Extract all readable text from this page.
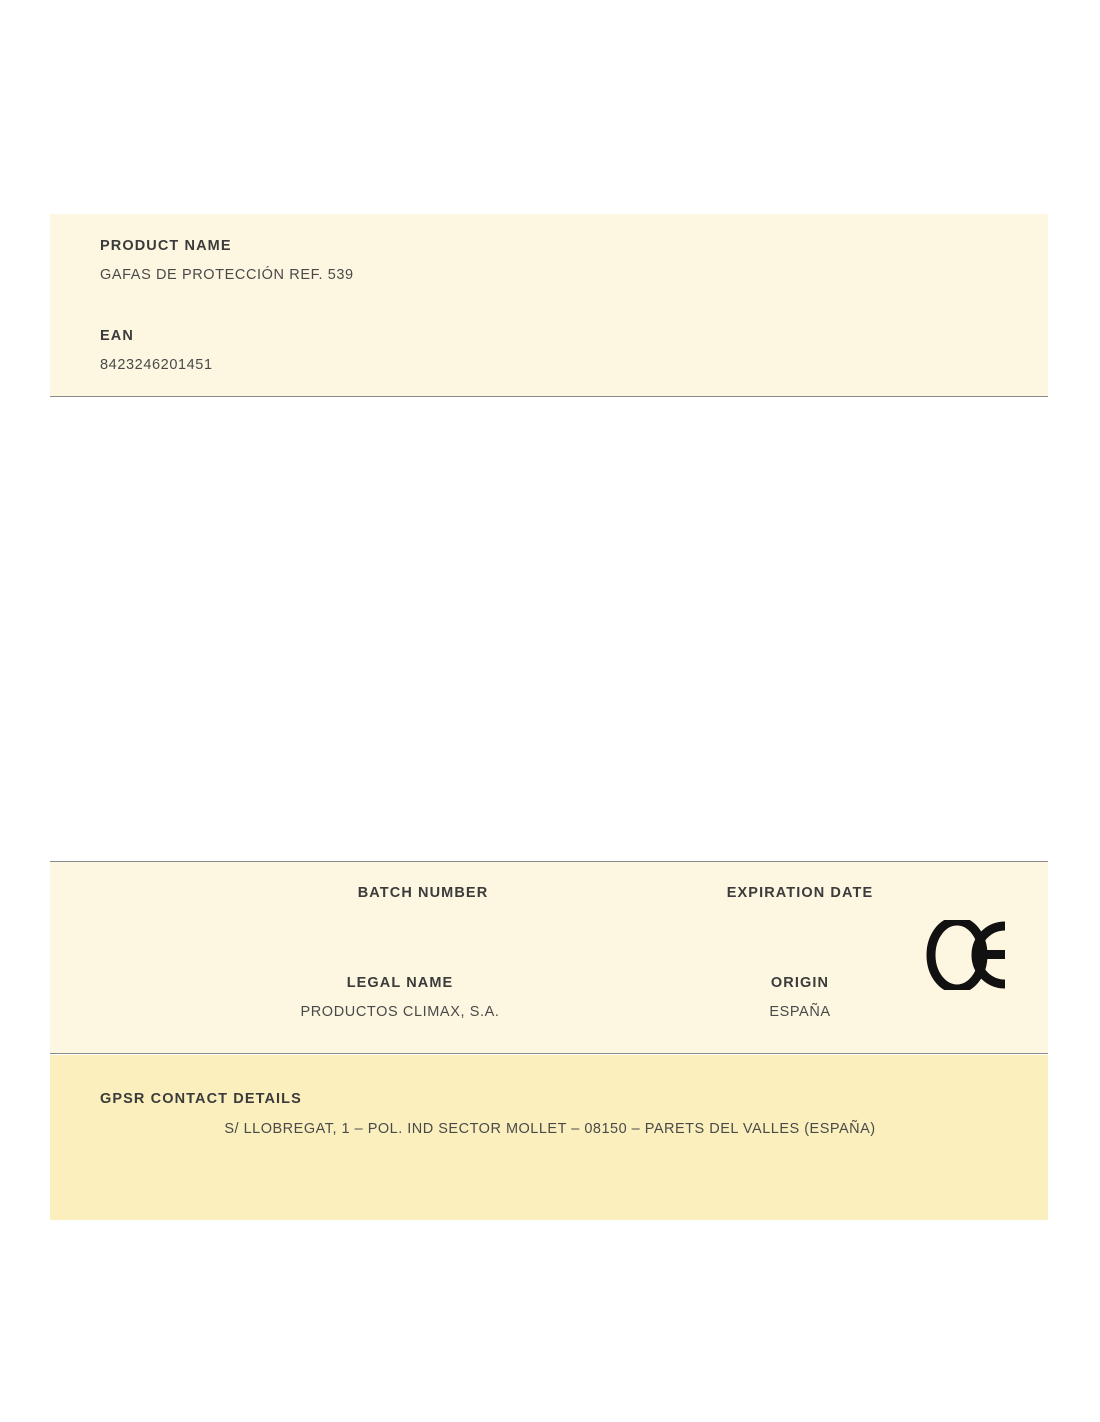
PRODUCT NAME
GAFAS DE PROTECCIÓN REF. 539
EAN
8423246201451
BATCH NUMBER	EXPIRATION DATE
LEGAL NAME
PRODUCTOS CLIMAX, S.A.
ORIGIN
ESPAÑA
GPSR CONTACT DETAILS
S/ LLOBREGAT, 1 – POL. IND SECTOR MOLLET – 08150 – PARETS DEL VALLES (ESPAÑA)
